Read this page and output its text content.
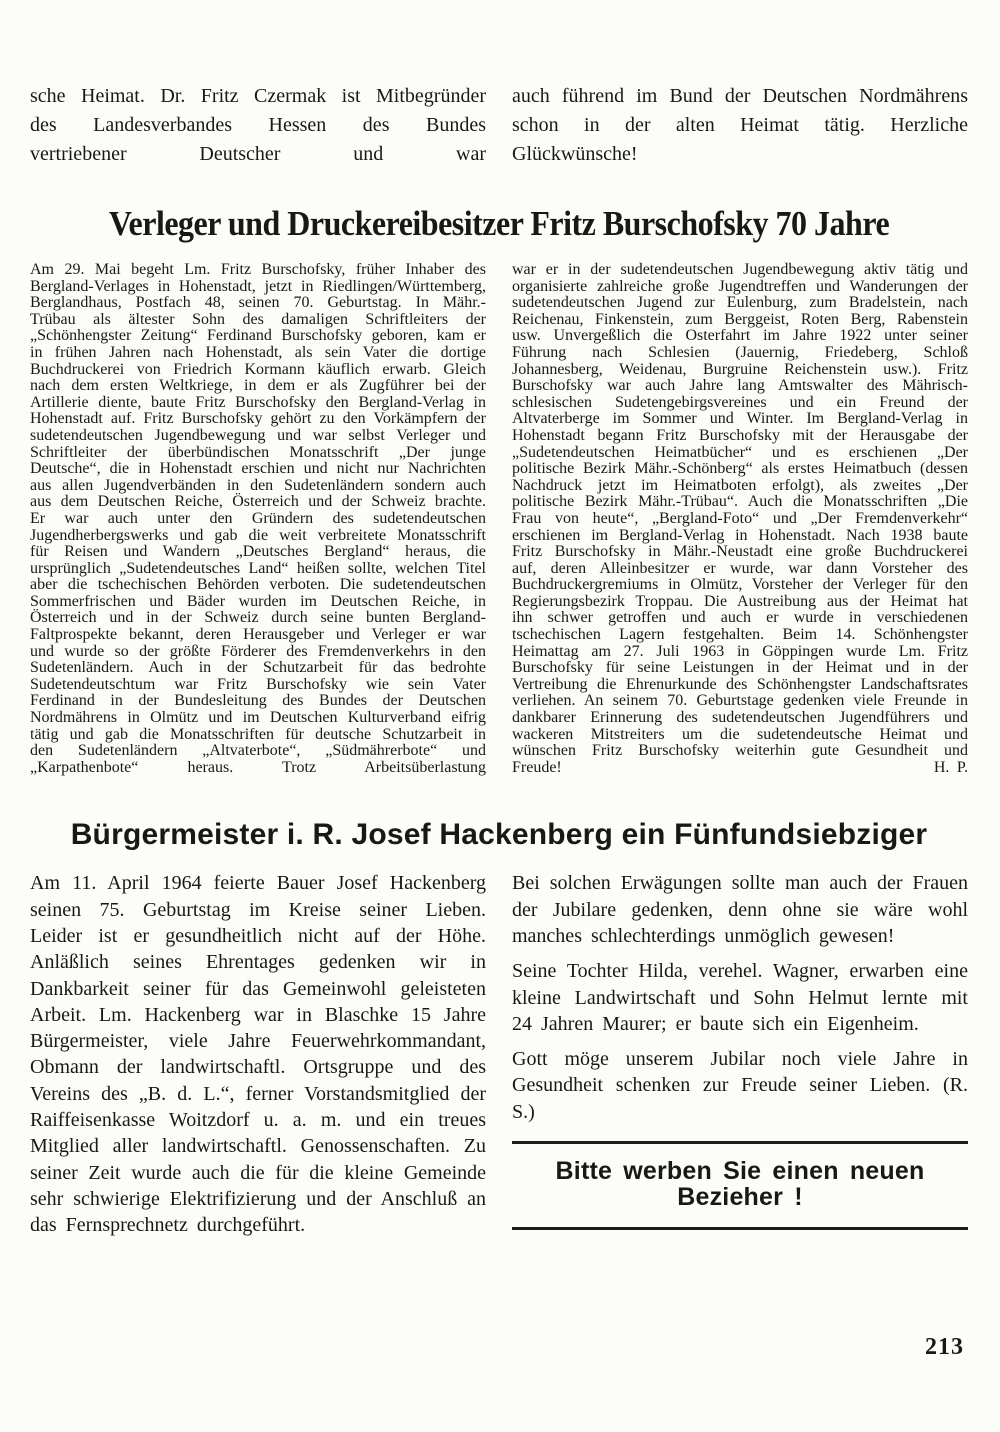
sche Heimat. Dr. Fritz Czermak ist Mitbegründer des Landesverbandes Hessen des Bundes vertriebener Deutscher und war
auch führend im Bund der Deutschen Nordmährens schon in der alten Heimat tätig. Herzliche Glückwünsche!
Verleger und Druckereibesitzer Fritz Burschofsky 70 Jahre

Am 29. Mai begeht Lm. Fritz Burschofsky, früher Inhaber des Bergland-Verlages in Hohenstadt, jetzt in Riedlingen/Württemberg, Berglandhaus, Postfach 48, seinen 70. Geburtstag. In Mähr.-Trübau als ältester Sohn des damaligen Schriftleiters der „Schönhengster Zeitung“ Ferdinand Burschofsky geboren, kam er in frühen Jahren nach Hohenstadt, als sein Vater die dortige Buchdruckerei von Friedrich Kormann käuflich erwarb. Gleich nach dem ersten Weltkriege, in dem er als Zugführer bei der Artillerie diente, baute Fritz Burschofsky den Bergland-Verlag in Hohenstadt auf. Fritz Burschofsky gehört zu den Vorkämpfern der sudetendeutschen Jugendbewegung und war selbst Verleger und Schriftleiter der überbündischen Monatsschrift „Der junge Deutsche“, die in Hohenstadt erschien und nicht nur Nachrichten aus allen Jugendverbänden in den Sudetenländern sondern auch aus dem Deutschen Reiche, Österreich und der Schweiz brachte. Er war auch unter den Gründern des sudetendeutschen Jugendherbergswerks und gab die weit verbreitete Monatsschrift für Reisen und Wandern „Deutsches Bergland“ heraus, die ursprünglich „Sudetendeutsches Land“ heißen sollte, welchen Titel aber die tschechischen Behörden verboten. Die sudetendeutschen Sommerfrischen und Bäder wurden im Deutschen Reiche, in Österreich und in der Schweiz durch seine bunten Bergland-Faltprospekte bekannt, deren Herausgeber und Verleger er war und wurde so der größte Förderer des Fremdenverkehrs in den Sudetenländern. Auch in der Schutzarbeit für das bedrohte Sudetendeutschtum war Fritz Burschofsky wie sein Vater Ferdinand in der Bundesleitung des Bundes der Deutschen Nordmährens in Olmütz und im Deutschen Kulturverband eifrig tätig und gab die Monatsschriften für deutsche Schutzarbeit in den Sudetenländern „Altvaterbote“, „Südmährerbote“ und „Karpathenbote“ heraus. Trotz Arbeitsüberlastung

war er in der sudetendeutschen Jugendbewegung aktiv tätig und organisierte zahlreiche große Jugendtreffen und Wanderungen der sudetendeutschen Jugend zur Eulenburg, zum Bradelstein, nach Reichenau, Finkenstein, zum Berggeist, Roten Berg, Rabenstein usw. Unvergeßlich die Osterfahrt im Jahre 1922 unter seiner Führung nach Schlesien (Jauernig, Friedeberg, Schloß Johannesberg, Weidenau, Burgruine Reichenstein usw.). Fritz Burschofsky war auch Jahre lang Amtswalter des Mährisch-schlesischen Sudetengebirgsvereines und ein Freund der Altvaterberge im Sommer und Winter. Im Bergland-Verlag in Hohenstadt begann Fritz Burschofsky mit der Herausgabe der „Sudetendeutschen Heimatbücher“ und es erschienen „Der politische Bezirk Mähr.-Schönberg“ als erstes Heimatbuch (dessen Nachdruck jetzt im Heimatboten erfolgt), als zweites „Der politische Bezirk Mähr.-Trübau“. Auch die Monatsschriften „Die Frau von heute“, „Bergland-Foto“ und „Der Fremdenverkehr“ erschienen im Bergland-Verlag in Hohenstadt. Nach 1938 baute Fritz Burschofsky in Mähr.-Neustadt eine große Buchdruckerei auf, deren Alleinbesitzer er wurde, war dann Vorsteher des Buchdruckergremiums in Olmütz, Vorsteher der Verleger für den Regierungsbezirk Troppau. Die Austreibung aus der Heimat hat ihn schwer getroffen und auch er wurde in verschiedenen tschechischen Lagern festgehalten. Beim 14. Schönhengster Heimattag am 27. Juli 1963 in Göppingen wurde Lm. Fritz Burschofsky für seine Leistungen in der Heimat und in der Vertreibung die Ehrenurkunde des Schönhengster Landschaftsrates verliehen. An seinem 70. Geburtstage gedenken viele Freunde in dankbarer Erinnerung des sudetendeutschen Jugendführers und wackeren Mitstreiters um die sudetendeutsche Heimat und wünschen Fritz Burschofsky weiterhin gute Gesundheit und Freude!	H. P.

Bürgermeister i. R. Josef Hackenberg ein Fünfundsiebziger

Am 11. April 1964 feierte Bauer Josef Hackenberg seinen 75. Geburtstag im Kreise seiner Lieben. Leider ist er gesundheitlich nicht auf der Höhe. Anläßlich seines Ehrentages gedenken wir in Dankbarkeit seiner für das Gemeinwohl geleisteten Arbeit. Lm. Hackenberg war in Blaschke 15 Jahre Bürgermeister, viele Jahre Feuerwehrkommandant, Obmann der landwirtschaftl. Ortsgruppe und des Vereins des „B. d. L.“, ferner Vorstandsmitglied der Raiffeisenkasse Woitzdorf u. a. m. und ein treues Mitglied aller landwirtschaftl. Genossenschaften. Zu seiner Zeit wurde auch die für die kleine Gemeinde sehr schwierige Elektrifizierung und der Anschluß an das Fernsprechnetz durchgeführt.

Bei solchen Erwägungen sollte man auch der Frauen der Jubilare gedenken, denn ohne sie wäre wohl manches schlechterdings unmöglich gewesen!

Seine Tochter Hilda, verehel. Wagner, erwarben eine kleine Landwirtschaft und Sohn Helmut lernte mit 24 Jahren Maurer; er baute sich ein Eigenheim.

Gott möge unserem Jubilar noch viele Jahre in Gesundheit schenken zur Freude seiner Lieben. (R. S.)

Bitte werben Sie einen neuen Bezieher !
213
